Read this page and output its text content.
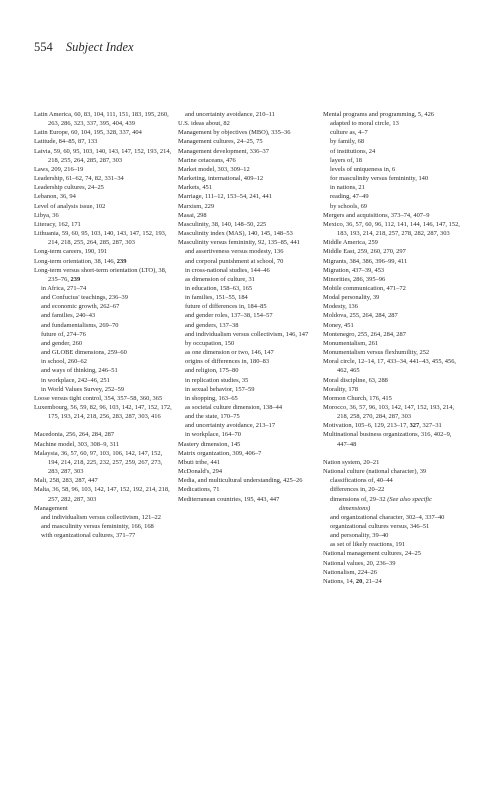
554 Subject Index
Latin America, 60, 83, 104, 111, 151, 183, 195, 260, 263, 286, 323, 337, 395, 404, 439
Latin Europe, 60, 104, 195, 328, 337, 404
Latitude, 84–85, 87, 133
Latvia, 59, 60, 95, 103, 140, 143, 147, 152, 193, 214, 218, 255, 264, 285, 287, 303
Laws, 209, 216–19
Leadership, 61–62, 74, 82, 331–34
Leadership cultures, 24–25
Lebanon, 36, 94
Level of analysis issue, 102
Libya, 36
Literacy, 162, 171
Lithuania, 59, 60, 95, 103, 140, 143, 147, 152, 193, 214, 218, 255, 264, 285, 287, 303
Long-term careers, 190, 191
Long-term orientation, 38, 146, 239
Long-term versus short-term orientation (LTO), 38, 235–76, 239
in Africa, 271–74
and Confucius' teachings, 236–39
and economic growth, 262–67
and families, 240–43
and fundamentalisms, 269–70
future of, 274–76
and gender, 260
and GLOBE dimensions, 259–60
in school, 260–62
and ways of thinking, 246–51
in workplace, 242–46, 251
in World Values Survey, 252–59
Loose versus tight control, 354, 357–58, 360, 365
Luxembourg, 56, 59, 82, 96, 103, 142, 147, 152, 172, 175, 193, 214, 218, 256, 283, 287, 303, 416
Macedonia, 256, 264, 284, 287
Machine model, 303, 308–9, 311
Malaysia, 36, 57, 60, 97, 103, 106, 142, 147, 152, 194, 214, 218, 225, 232, 257, 259, 267, 273, 283, 287, 303
Mali, 258, 283, 287, 447
Malta, 36, 58, 96, 103, 142, 147, 152, 192, 214, 218, 257, 282, 287, 303
Management
and individualism versus collectivism, 121–22
and masculinity versus femininity, 166, 168
with organizational cultures, 371–77
and uncertainty avoidance, 210–11
U.S. ideas about, 82
Management by objectives (MBO), 335–36
Management cultures, 24–25, 75
Management development, 336–37
Marine cetaceans, 476
Market model, 303, 309–12
Marketing, international, 409–12
Markets, 451
Marriage, 111–12, 153–54, 241, 441
Marxism, 229
Masai, 298
Masculinity, 38, 140, 148–50, 225
Masculinity index (MAS), 140, 145, 148–53
Masculinity versus femininity, 92, 135–85, 441
and assertiveness versus modesty, 136
and corporal punishment at school, 70
in cross-national studies, 144–46
as dimension of culture, 31
in education, 158–63, 165
in families, 151–55, 184
future of differences in, 184–85
and gender roles, 137–38, 154–57
and genders, 137–38
and individualism versus collectivism, 146, 147
by occupation, 150
as one dimension or two, 146, 147
origins of differences in, 180–83
and religion, 175–80
in replication studies, 35
in sexual behavior, 157–59
in shopping, 163–65
as societal culture dimension, 138–44
and the state, 170–75
and uncertainty avoidance, 213–17
in workplace, 164–70
Mastery dimension, 145
Matrix organization, 309, 406–7
Mbuti tribe, 441
McDonald's, 294
Media, and multicultural understanding, 425–26
Medications, 71
Mediterranean countries, 195, 443, 447
Mental programs and programming, 5, 426
adapted to moral circle, 13
culture as, 4–7
by family, 68
of institutions, 24
layers of, 18
levels of uniqueness in, 6
for masculinity versus femininity, 140
in nations, 21
reading, 47–49
by schools, 69
Mergers and acquisitions, 373–74, 407–9
Mexico, 36, 57, 60, 96, 112, 141, 144, 146, 147, 152, 183, 193, 214, 218, 257, 278, 282, 287, 303
Middle America, 259
Middle East, 259, 260, 270, 297
Migrants, 384, 386, 396–99, 411
Migration, 437–39, 453
Minorities, 286, 395–96
Mobile communication, 471–72
Modal personality, 39
Modesty, 136
Moldova, 255, 264, 284, 287
Money, 451
Montenegro, 255, 264, 284, 287
Monumentalism, 261
Monumentalism versus flexhumility, 252
Moral circle, 12–14, 17, 433–34, 441–43, 455, 456, 462, 465
Moral discipline, 63, 288
Morality, 178
Mormon Church, 176, 415
Morocco, 36, 57, 96, 103, 142, 147, 152, 193, 214, 218, 258, 270, 284, 287, 303
Motivation, 105–6, 129, 213–17, 327, 327–31
Multinational business organizations, 316, 402–9, 447–48
Nation system, 20–21
National culture (national character), 39
classifications of, 40–44
differences in, 20–22
dimensions of, 29–32 (See also specific dimensions)
and organizational character, 302–4, 337–40
organizational cultures versus, 346–51
and personality, 39–40
as set of likely reactions, 191
National management cultures, 24–25
National values, 20, 236–39
Nationalism, 224–26
Nations, 14, 20, 21–24
